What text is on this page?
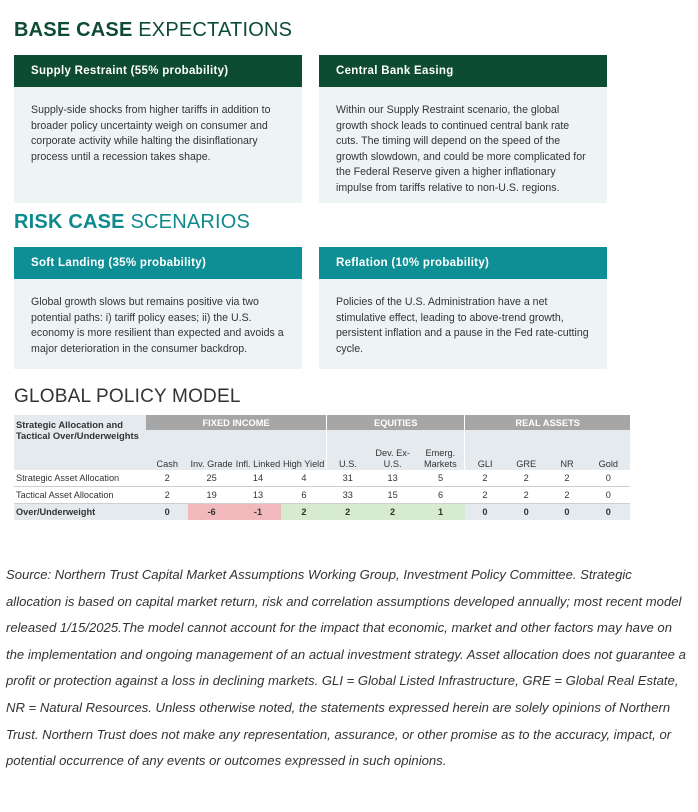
BASE CASE EXPECTATIONS
Supply Restraint (55% probability)
Supply-side shocks from higher tariffs in addition to broader policy uncertainty weigh on consumer and corporate activity while halting the disinflationary process until a recession takes shape.
Central Bank Easing
Within our Supply Restraint scenario, the global growth shock leads to continued central bank rate cuts. The timing will depend on the speed of the growth slowdown, and could be more complicated for the Federal Reserve given a higher inflationary impulse from tariffs relative to non-U.S. regions.
RISK CASE SCENARIOS
Soft Landing (35% probability)
Global growth slows but remains positive via two potential paths: i) tariff policy eases; ii) the U.S. economy is more resilient than expected and avoids a major deterioration in the consumer backdrop.
Reflation (10% probability)
Policies of the U.S. Administration have a net stimulative effect, leading to above-trend growth, persistent inflation and a pause in the Fed rate-cutting cycle.
GLOBAL POLICY MODEL
Strategic Allocation and Tactical Over/Underweights	FIXED INCOME				EQUITIES			REAL ASSETS			
	Cash	Inv. Grade	Infl. Linked	High Yield	U.S.	Dev. Ex-U.S.	Emerg. Markets	GLI	GRE	NR	Gold
Strategic Asset Allocation	2	25	14	4	31	13	5	2	2	2	0
Tactical Asset Allocation	2	19	13	6	33	15	6	2	2	2	0
Over/Underweight	0	-6	-1	2	2	2	1	0	0	0	0
Source: Northern Trust Capital Market Assumptions Working Group, Investment Policy Committee. Strategic allocation is based on capital market return, risk and correlation assumptions developed annually; most recent model released 1/15/2025.The model cannot account for the impact that economic, market and other factors may have on the implementation and ongoing management of an actual investment strategy. Asset allocation does not guarantee a profit or protection against a loss in declining markets. GLI = Global Listed Infrastructure, GRE = Global Real Estate, NR = Natural Resources. Unless otherwise noted, the statements expressed herein are solely opinions of Northern Trust. Northern Trust does not make any representation, assurance, or other promise as to the accuracy, impact, or potential occurrence of any events or outcomes expressed in such opinions.
